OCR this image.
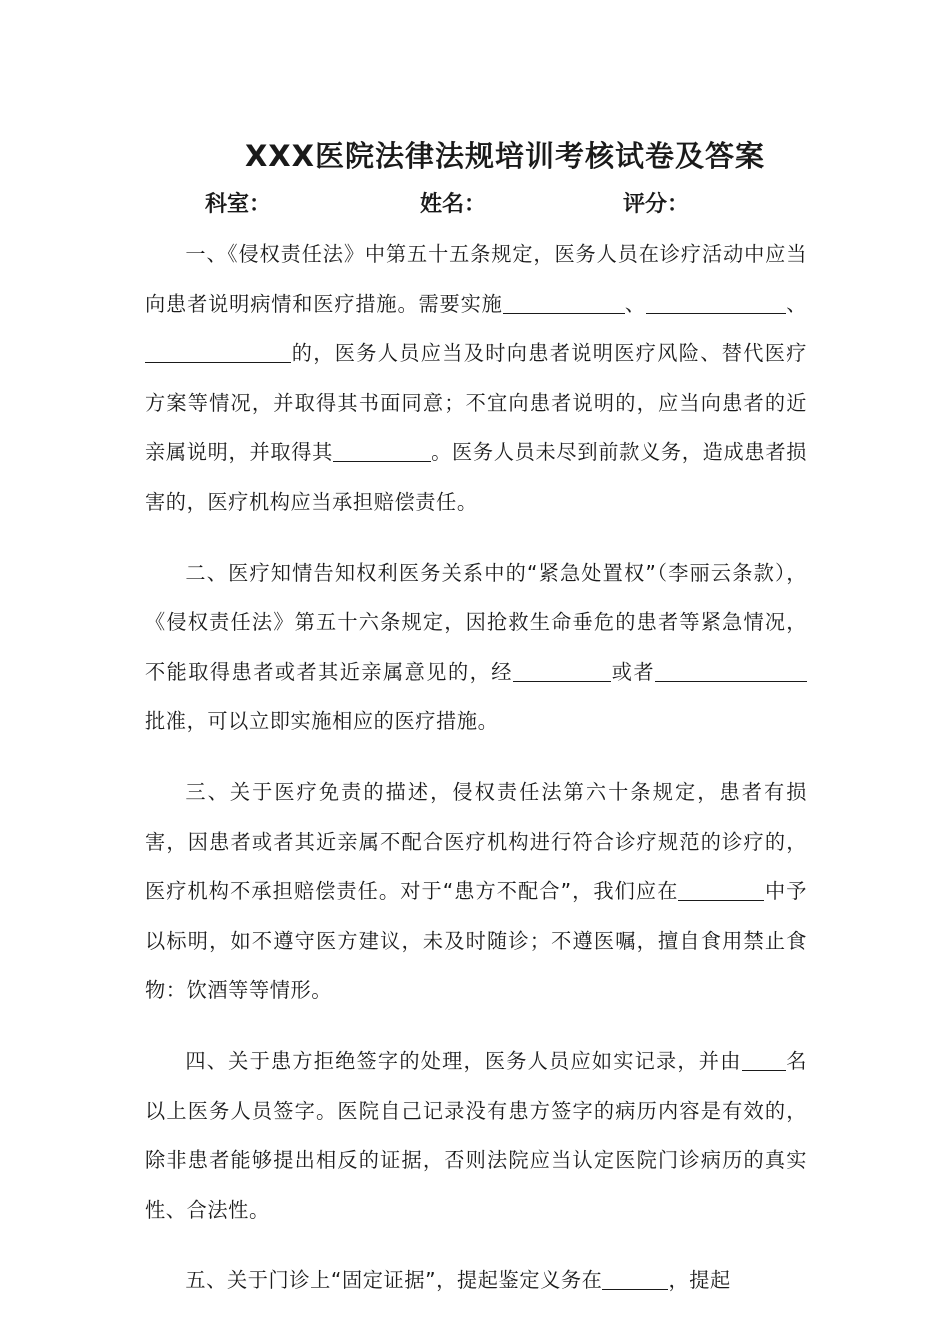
XXX医院法律法规培训考核试卷及答案
科室：	姓名：	评分：

一、《侵权责任法》中第五十五条规定，医务人员在诊疗活动中应当向患者说明病情和医疗措施。需要实施	、	、的，医务人员应当及时向患者说明医疗风险、替代医疗方案等情况，并取得其书面同意；不宜向患者说明的，应当向患者的近亲属说明，并取得其	。医务人员未尽到前款义务，造成患者损害的，医疗机构应当承担赔偿责任。

二、医疗知情告知权利医务关系中的“紧急处置权”（李丽云条款），《侵权责任法》第五十六条规定，因抢救生命垂危的患者等紧急情况，不能取得患者或者其近亲属意见的，经	或者批准，可以立即实施相应的医疗措施。

三、关于医疗免责的描述，侵权责任法第六十条规定，患者有损害，因患者或者其近亲属不配合医疗机构进行符合诊疗规范的诊疗的，医疗机构不承担赔偿责任。对于“患方不配合”，我们应在	中予以标明，如不遵守医方建议，未及时随诊；不遵医嘱，擅自食用禁止食物：饮酒等等情形。

四、关于患方拒绝签字的处理，医务人员应如实记录，并由 名以上医务人员签字。医院自己记录没有患方签字的病历内容是有效的，除非患者能够提出相反的证据，否则法院应当认定医院门诊病历的真实性、合法性。

五、关于门诊上“固定证据”，提起鉴定义务在	，提起
